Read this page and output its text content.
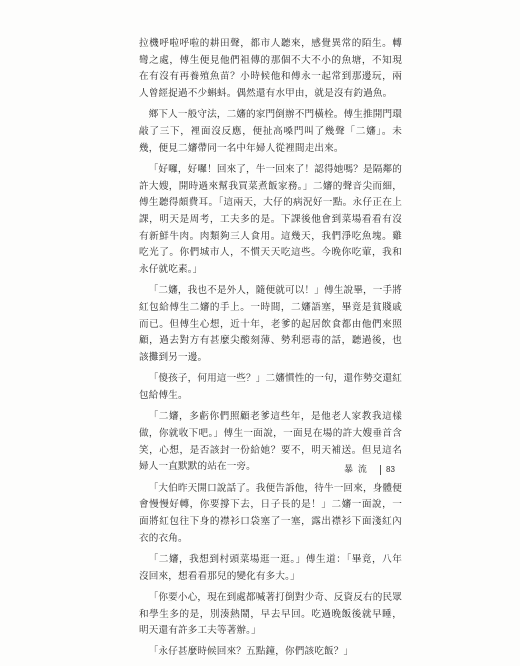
拉機呼啦呼啦的耕田聲，都市人聽來，感覺異常的陌生。轉彎之處，傅生便見他們祖傳的那個不大不小的魚塘，不知現在有沒有再養殖魚苗？小時候他和傅永一起常到那邊玩，兩人曾經捉過不少蝌蚪。偶然還有水甲由，就是沒有釣過魚。

鄉下人一般守法，二嬸的家門倒辦不門橫栓。傅生推開門環敲了三下，裡面沒反應，便扯高嗓門叫了幾聲「二嬸」。未幾，便見二嬸帶同一名中年婦人從裡間走出來。

「好囉，好囉！回來了，牛一回來了！認得她嗎？是隔鄰的許大嫂，開時過來幫我買菜煮飯家務。」二嬸的聲音尖而細，傅生聽得頗費耳。「這兩天，大仔的病況好一點。永仔正在上課，明天是周考，工夫多的是。下課後他會到菜場看看有沒有新鮮牛肉。肉類夠三人食用。這幾天，我們淨吃魚塊。雞吃光了。你們城市人，不慣天天吃這些。今晚你吃葷，我和永仔就吃素。」

「二嬸，我也不是外人，隨便就可以！」傅生說畢，一手將紅包給傅生二嬸的手上。一時間，二嬸語塞，畢竟是貧賤戚而已。但傅生心想，近十年，老爹的起居飲食都由他們來照顧，過去對方有甚麼尖酸刻薄、勢利惡毒的話，聽過後，也該攤到另一邊。

「傻孩子，何用這一些？」二嬸慣性的一句，還作勢交還紅包給傅生。

「二嬸，多虧你們照顧老爹這些年，是他老人家教我這樣做，你就收下吧。」傅生一面說，一面見在場的許大嫂垂首含笑，心想，是否該封一份給她？要不，明天補送。但見這名婦人一直默默的站在一旁。

「大伯昨天開口說話了。我便告訴他，待牛一回來，身體便會慢慢好轉，你要撐下去，日子長的是！」二嬸一面說，一面將紅包往下身的襟衫口袋塞了一塞，露出襟衫下面淺紅內衣的衣角。

「二嬸，我想到村頭菜場逛一逛。」傅生道：「畢竟，八年沒回來，想看看那兒的變化有多大。」

「你要小心，現在到處都喊著打倒對少奇、反資反右的民眾和學生多的是，別湊熱鬧，早去早回。吃過晚飯後就早睡，明天還有許多工夫等著辦。」

「永仔甚麼時候回來？五點鐘，你們該吃飯？」

暴 流 83
